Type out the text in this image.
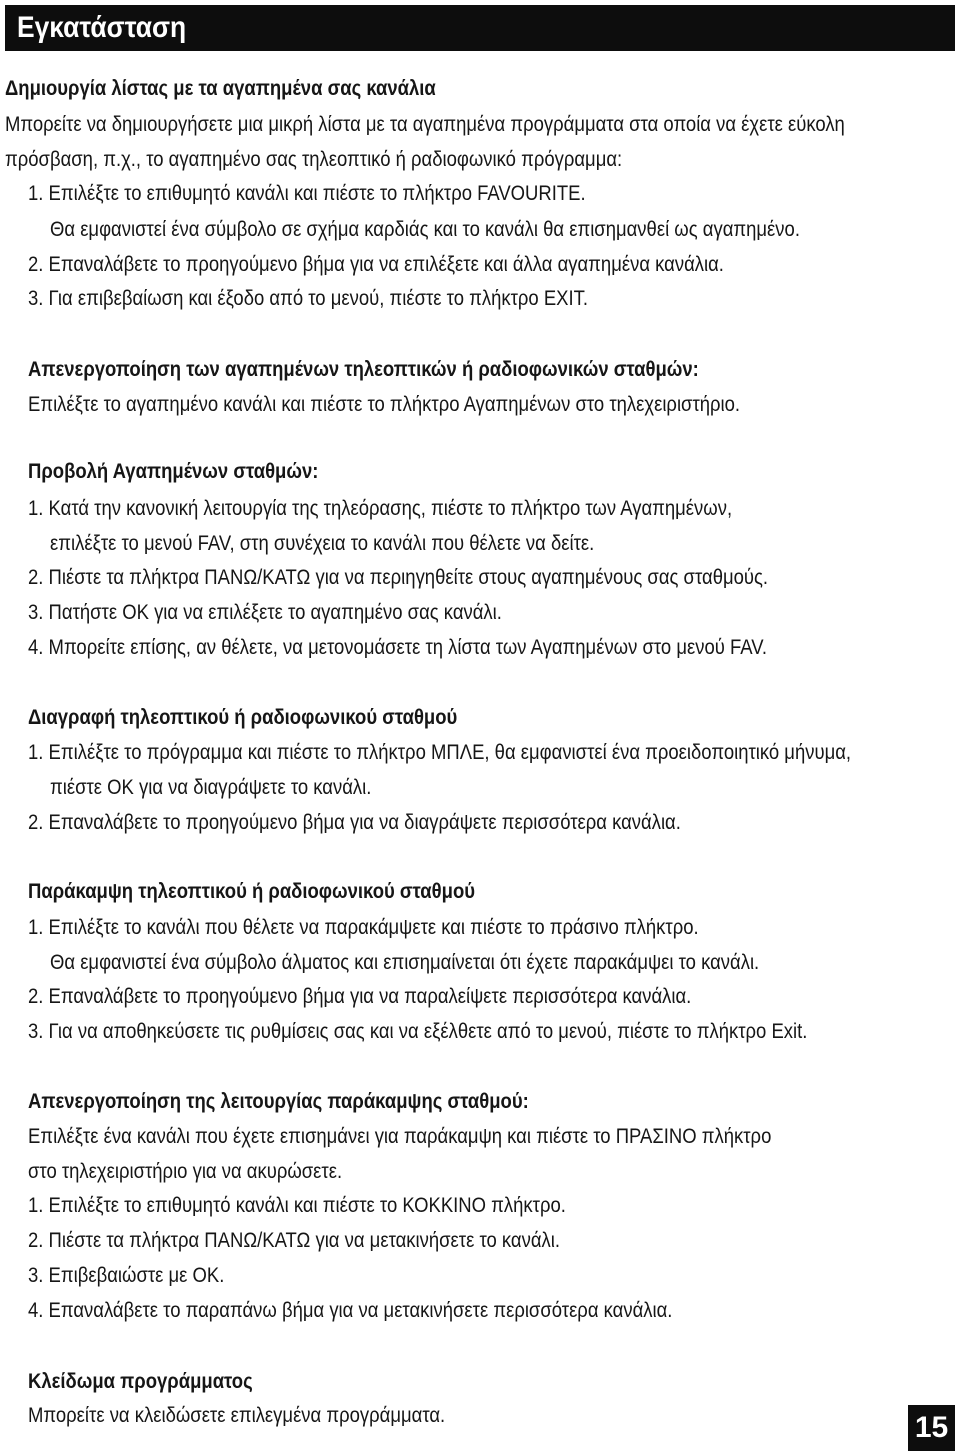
Εγκατάσταση
Δημιουργία λίστας με τα αγαπημένα σας κανάλια
Μπορείτε να δημιουργήσετε μια μικρή λίστα με τα αγαπημένα προγράμματα στα οποία να έχετε εύκολη
πρόσβαση, π.χ., το αγαπημένο σας τηλεοπτικό ή ραδιοφωνικό πρόγραμμα:
1. Επιλέξτε το επιθυμητό κανάλι και πιέστε το πλήκτρο FAVOURITE.
Θα εμφανιστεί ένα σύμβολο σε σχήμα καρδιάς και το κανάλι θα επισημανθεί ως αγαπημένο.
2. Επαναλάβετε το προηγούμενο βήμα για να επιλέξετε και άλλα αγαπημένα κανάλια.
3. Για επιβεβαίωση και έξοδο από το μενού, πιέστε το πλήκτρο EXIT.
Απενεργοποίηση των αγαπημένων τηλεοπτικών ή ραδιοφωνικών σταθμών:
Επιλέξτε το αγαπημένο κανάλι και πιέστε το πλήκτρο Αγαπημένων στο τηλεχειριστήριο.
Προβολή Αγαπημένων σταθμών:
1. Κατά την κανονική λειτουργία της τηλεόρασης, πιέστε το πλήκτρο των Αγαπημένων,
επιλέξτε το μενού FAV, στη συνέχεια το κανάλι που θέλετε να δείτε.
2. Πιέστε τα πλήκτρα ΠΑΝΩ/ΚΑΤΩ για να περιηγηθείτε στους αγαπημένους σας σταθμούς.
3. Πατήστε ΟΚ για να επιλέξετε το αγαπημένο σας κανάλι.
4. Μπορείτε επίσης, αν θέλετε, να μετονομάσετε τη λίστα των Αγαπημένων στο μενού FAV.
Διαγραφή τηλεοπτικού ή ραδιοφωνικού σταθμού
1. Επιλέξτε το πρόγραμμα και πιέστε το πλήκτρο ΜΠΛΕ, θα εμφανιστεί ένα προειδοποιητικό μήνυμα,
πιέστε ΟΚ για να διαγράψετε το κανάλι.
2. Επαναλάβετε το προηγούμενο βήμα για να διαγράψετε περισσότερα κανάλια.
Παράκαμψη τηλεοπτικού ή ραδιοφωνικού σταθμού
1. Επιλέξτε το κανάλι που θέλετε να παρακάμψετε και πιέστε το πράσινο πλήκτρο.
Θα εμφανιστεί ένα σύμβολο άλματος και επισημαίνεται ότι έχετε παρακάμψει το κανάλι.
2. Επαναλάβετε το προηγούμενο βήμα για να παραλείψετε περισσότερα κανάλια.
3. Για να αποθηκεύσετε τις ρυθμίσεις σας και να εξέλθετε από το μενού, πιέστε το πλήκτρο Exit.
Απενεργοποίηση της λειτουργίας παράκαμψης σταθμού:
Επιλέξτε ένα κανάλι που έχετε επισημάνει για παράκαμψη και πιέστε το ΠΡΑΣΙΝΟ πλήκτρο
στο τηλεχειριστήριο για να ακυρώσετε.
1. Επιλέξτε το επιθυμητό κανάλι και πιέστε το ΚΟΚΚΙΝΟ πλήκτρο.
2. Πιέστε τα πλήκτρα ΠΑΝΩ/ΚΑΤΩ για να μετακινήσετε το κανάλι.
3. Επιβεβαιώστε με ΟΚ.
4. Επαναλάβετε το παραπάνω βήμα για να μετακινήσετε περισσότερα κανάλια.
Κλείδωμα προγράμματος
Μπορείτε να κλειδώσετε επιλεγμένα προγράμματα.	15
